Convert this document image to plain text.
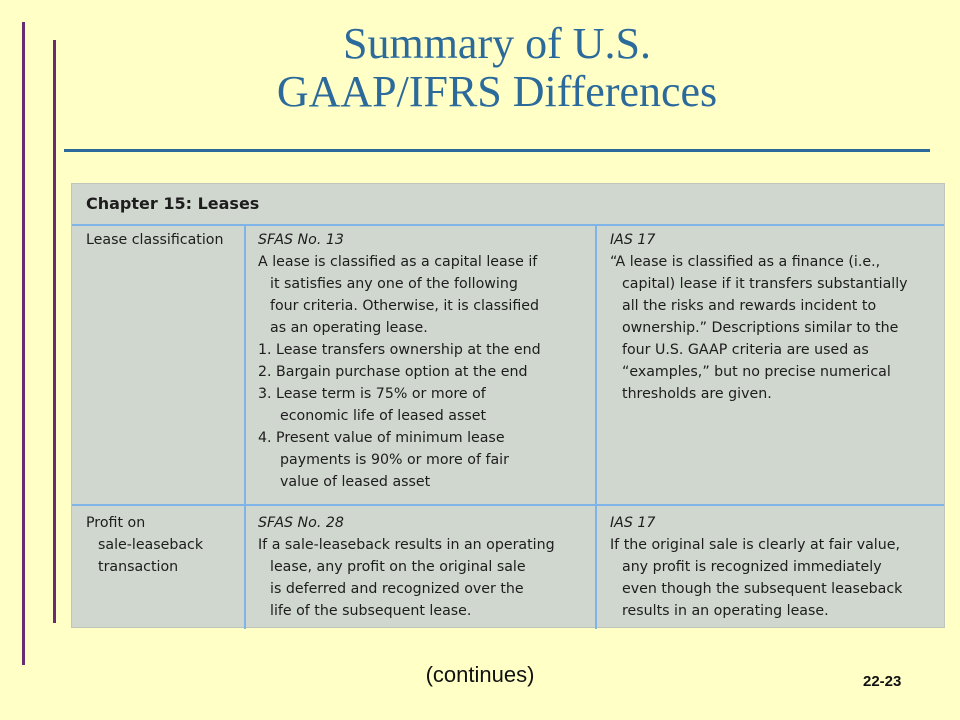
Summary of U.S.
GAAP/IFRS Differences
Chapter 15: Leases
Lease classification	SFAS No. 13
A lease is classified as a capital lease if
it satisfies any one of the following
four criteria. Otherwise, it is classified
as an operating lease.
1. Lease transfers ownership at the end
2. Bargain purchase option at the end
3. Lease term is 75% or more of
economic life of leased asset
4. Present value of minimum lease
payments is 90% or more of fair
value of leased asset
IAS 17
“A lease is classified as a finance (i.e.,
capital) lease if it transfers substantially
all the risks and rewards incident to
ownership.” Descriptions similar to the
four U.S. GAAP criteria are used as
“examples,” but no precise numerical
thresholds are given.
Profit on
sale-leaseback
transaction
SFAS No. 28
If a sale-leaseback results in an operating
lease, any profit on the original sale
is deferred and recognized over the
life of the subsequent lease.
IAS 17
If the original sale is clearly at fair value,
any profit is recognized immediately
even though the subsequent leaseback
results in an operating lease.
(continues)	22-23
